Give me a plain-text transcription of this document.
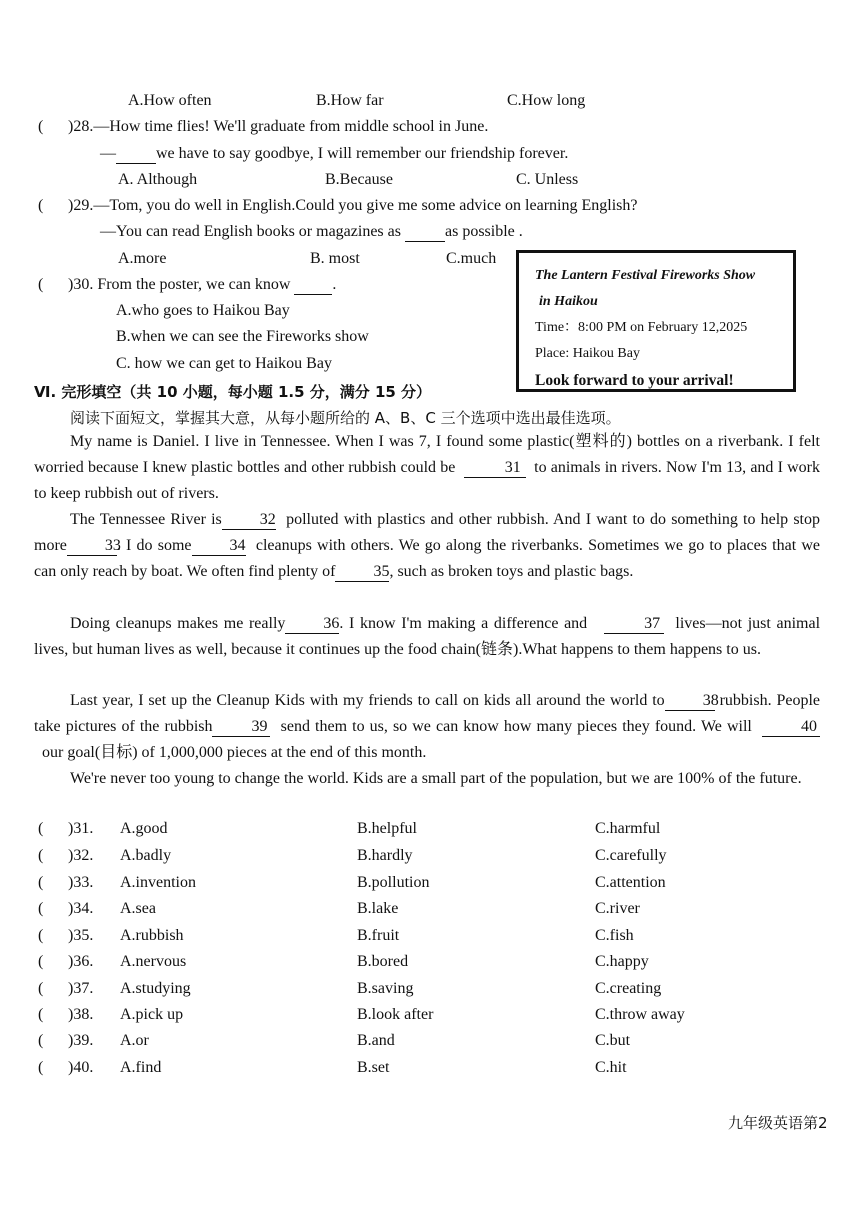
A.How often	B.How far	C.How long
( )28.—How time flies! We'll graduate from middle school in June.
—	we have to say goodbye, I will remember our friendship forever.
A. Although	B.Because	C. Unless
( )29.—Tom, you do well in English.Could you give me some advice on learning English?
—You can read English books or magazines as	as possible .
A.more	B. most	C.much
( )30. From the poster, we can know	.
A.who goes to Haikou Bay
B.when we can see the Fireworks show
C. how we can get to Haikou Bay
The Lantern Festival Fireworks Show
in Haikou
Time：8:00 PM on February 12,2025
Place: Haikou Bay
Look forward to your arrival!
Ⅵ. 完形填空（共 10 小题，每小题 1.5 分，满分 15 分）
阅读下面短文，掌握其大意，从每小题所给的 A、B、C 三个选项中选出最佳选项。
My name is Daniel. I live in Tennessee. When I was 7, I found some plastic(塑料的) bottles on a riverbank. I felt worried because I knew plastic bottles and other rubbish could be	31 to animals in rivers. Now I'm 13, and I work to keep rubbish out of rivers.
The Tennessee River is 32 polluted with plastics and other rubbish. And I want to do something to help stop more 33. I do some 34 cleanups with others. We go along the riverbanks. Sometimes we go to places that we can only reach by boat. We often find plenty of 35, such as broken toys and plastic bags.
Doing cleanups makes me really 36. I know I'm making a difference and	37 lives—not just animal lives, but human lives as well, because it continues up the food chain(链条).What happens to them happens to us.
Last year, I set up the Cleanup Kids with my friends to call on kids all around the world to 38 rubbish. People take pictures of the rubbish 39 send them to us, so we can know how many pieces they found. We will	40  our goal(目标) of 1,000,000 pieces at the end of this month.
We're never too young to change the world. Kids are a small part of the population, but we are 100% of the future.
( )31. A.good	B.helpful	C.harmful
( )32. A.badly	B.hardly	C.carefully
( )33. A.invention	B.pollution	C.attention
( )34. A.sea	B.lake	C.river
( )35. A.rubbish	B.fruit	C.fish
( )36. A.nervous	B.bored	C.happy
( )37. A.studying	B.saving	C.creating
( )38. A.pick up	B.look after	C.throw away
( )39. A.or	B.and	C.but
( )40. A.find	B.set	C.hit
九年级英语第2
